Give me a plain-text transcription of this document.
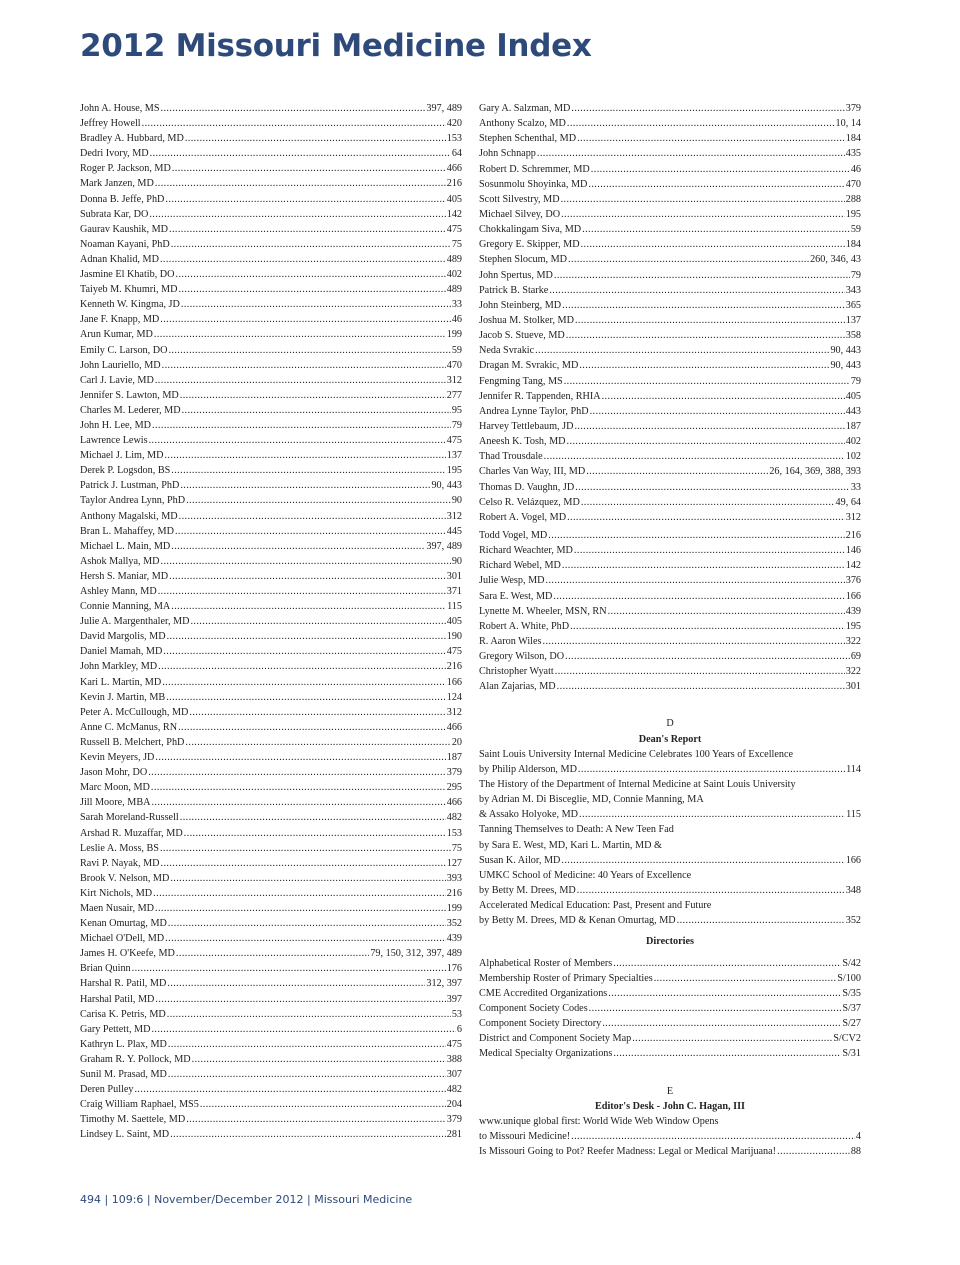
2012 Missouri Medicine Index
John A. House, MS .....	397, 489
Jeffrey Howell .....	420
Bradley A. Hubbard, MD .....	153
Dedri Ivory, MD .....	64
Roger P. Jackson, MD .....	466
Mark Janzen, MD .....	216
Donna B. Jeffe, PhD .....	405
Subrata Kar, DO .....	142
Gaurav Kaushik, MD .....	475
Noaman Kayani, PhD .....	75
Adnan Khalid, MD .....	489
Jasmine El Khatib, DO .....	402
Taiyeb M. Khumri, MD .....	489
Kenneth W. Kingma, JD .....	33
Jane F. Knapp, MD .....	46
Arun Kumar, MD .....	199
Emily C. Larson, DO .....	59
John Lauriello, MD .....	470
Carl J. Lavie, MD .....	312
Jennifer S. Lawton, MD .....	277
Charles M. Lederer, MD .....	95
John H. Lee, MD .....	79
Lawrence Lewis .....	475
Michael J. Lim, MD .....	137
Derek P. Logsdon, BS .....	195
Patrick J. Lustman, PhD .....	90, 443
Taylor Andrea Lynn, PhD .....	90
Anthony Magalski, MD .....	312
Bran L. Mahaffey, MD .....	445
Michael L. Main, MD .....	397, 489
Ashok Mallya, MD .....	90
Hersh S. Maniar, MD .....	301
Ashley Mann, MD .....	371
Connie Manning, MA .....	115
Julie A. Margenthaler, MD .....	405
David Margolis, MD .....	190
Daniel Mamah, MD .....	475
John Markley, MD .....	216
Kari L. Martin, MD .....	166
Kevin J. Martin, MB .....	124
Peter A. McCullough, MD .....	312
Anne C. McManus, RN .....	466
Russell B. Melchert, PhD .....	20
Kevin Meyers, JD .....	187
Jason Mohr, DO .....	379
Marc Moon, MD .....	295
Jill Moore, MBA .....	466
Sarah Moreland-Russell .....	482
Arshad R. Muzaffar, MD .....	153
Leslie A. Moss, BS .....	75
Ravi P. Nayak, MD .....	127
Brook V. Nelson, MD .....	393
Kirt Nichols, MD .....	216
Maen Nusair, MD .....	199
Kenan Omurtag, MD .....	352
Michael O'Dell, MD .....	439
James H. O'Keefe, MD .....	79, 150, 312, 397, 489
Brian Quinn .....	176
Harshal R. Patil, MD .....	312, 397
Harshal Patil, MD .....	397
Carisa K. Petris, MD .....	53
Gary Pettett, MD .....	6
Kathryn L. Plax, MD .....	475
Graham R. Y. Pollock, MD .....	388
Sunil M. Prasad, MD .....	307
Deren Pulley .....	482
Craig William Raphael, MS5 .....	204
Timothy M. Saettele, MD .....	379
Lindsey L. Saint, MD .....	281
Gary A. Salzman, MD .....	379
Anthony Scalzo, MD .....	10, 14
Stephen Schenthal, MD .....	184
John Schnapp .....	435
Robert D. Schremmer, MD .....	46
Sosunmolu Shoyinka, MD .....	470
Scott Silvestry, MD .....	288
Michael Silvey, DO .....	195
Chokkalingam Siva, MD .....	59
Gregory E. Skipper, MD .....	184
Stephen Slocum, MD .....	260, 346, 43
John Spertus, MD .....	79
Patrick B. Starke .....	343
John Steinberg, MD .....	365
Joshua M. Stolker, MD .....	137
Jacob S. Stueve, MD .....	358
Neda Svrakic .....	90, 443
Dragan M. Svrakic, MD .....	90, 443
Fengming Tang, MS .....	79
Jennifer R. Tappenden, RHIA .....	405
Andrea Lynne Taylor, PhD .....	443
Harvey Tettlebaum, JD .....	187
Aneesh K. Tosh, MD .....	402
Thad Trousdale .....	102
Charles Van Way, III, MD .....	26, 164, 369, 388, 393
Thomas D. Vaughn, JD .....	33
Celso R. Velázquez, MD .....	49, 64
Robert A. Vogel, MD .....	312
Todd Vogel, MD .....	216
Richard Weachter, MD .....	146
Richard Webel, MD .....	142
Julie Wesp, MD .....	376
Sara E. West, MD .....	166
Lynette M. Wheeler, MSN, RN .....	439
Robert A. White, PhD .....	195
R. Aaron Wiles .....	322
Gregory Wilson, DO .....	69
Christopher Wyatt .....	322
Alan Zajarias, MD .....	301
D
Dean's Report
Saint Louis University Internal Medicine Celebrates 100 Years of Excellence
by Philip Alderson, MD .....	114
The History of the Department of Internal Medicine at Saint Louis University
by Adrian M. Di Bisceglie, MD, Connie Manning, MA
& Assako Holyoke, MD .....	115
Tanning Themselves to Death: A New Teen Fad
by Sara E. West, MD, Kari L. Martin, MD &
Susan K. Ailor, MD .....	166
UMKC School of Medicine: 40 Years of Excellence
by Betty M. Drees, MD .....	348
Accelerated Medical Education: Past, Present and Future
by Betty M. Drees, MD & Kenan Omurtag, MD .....	352
Directories
Alphabetical Roster of Members .....	S/42
Membership Roster of Primary Specialties .....	S/100
CME Accredited Organizations .....	S/35
Component Society Codes .....	S/37
Component Society Directory .....	S/27
District and Component Society Map .....	S/CV2
Medical Specialty Organizations .....	S/31
E
Editor's Desk - John C. Hagan, III
www.unique global first: World Wide Web Window Opens
to Missouri Medicine! .....	4
Is Missouri Going to Pot? Reefer Madness: Legal or Medical Marijuana! .....	88
494 | 109:6 | November/December 2012 | Missouri Medicine
